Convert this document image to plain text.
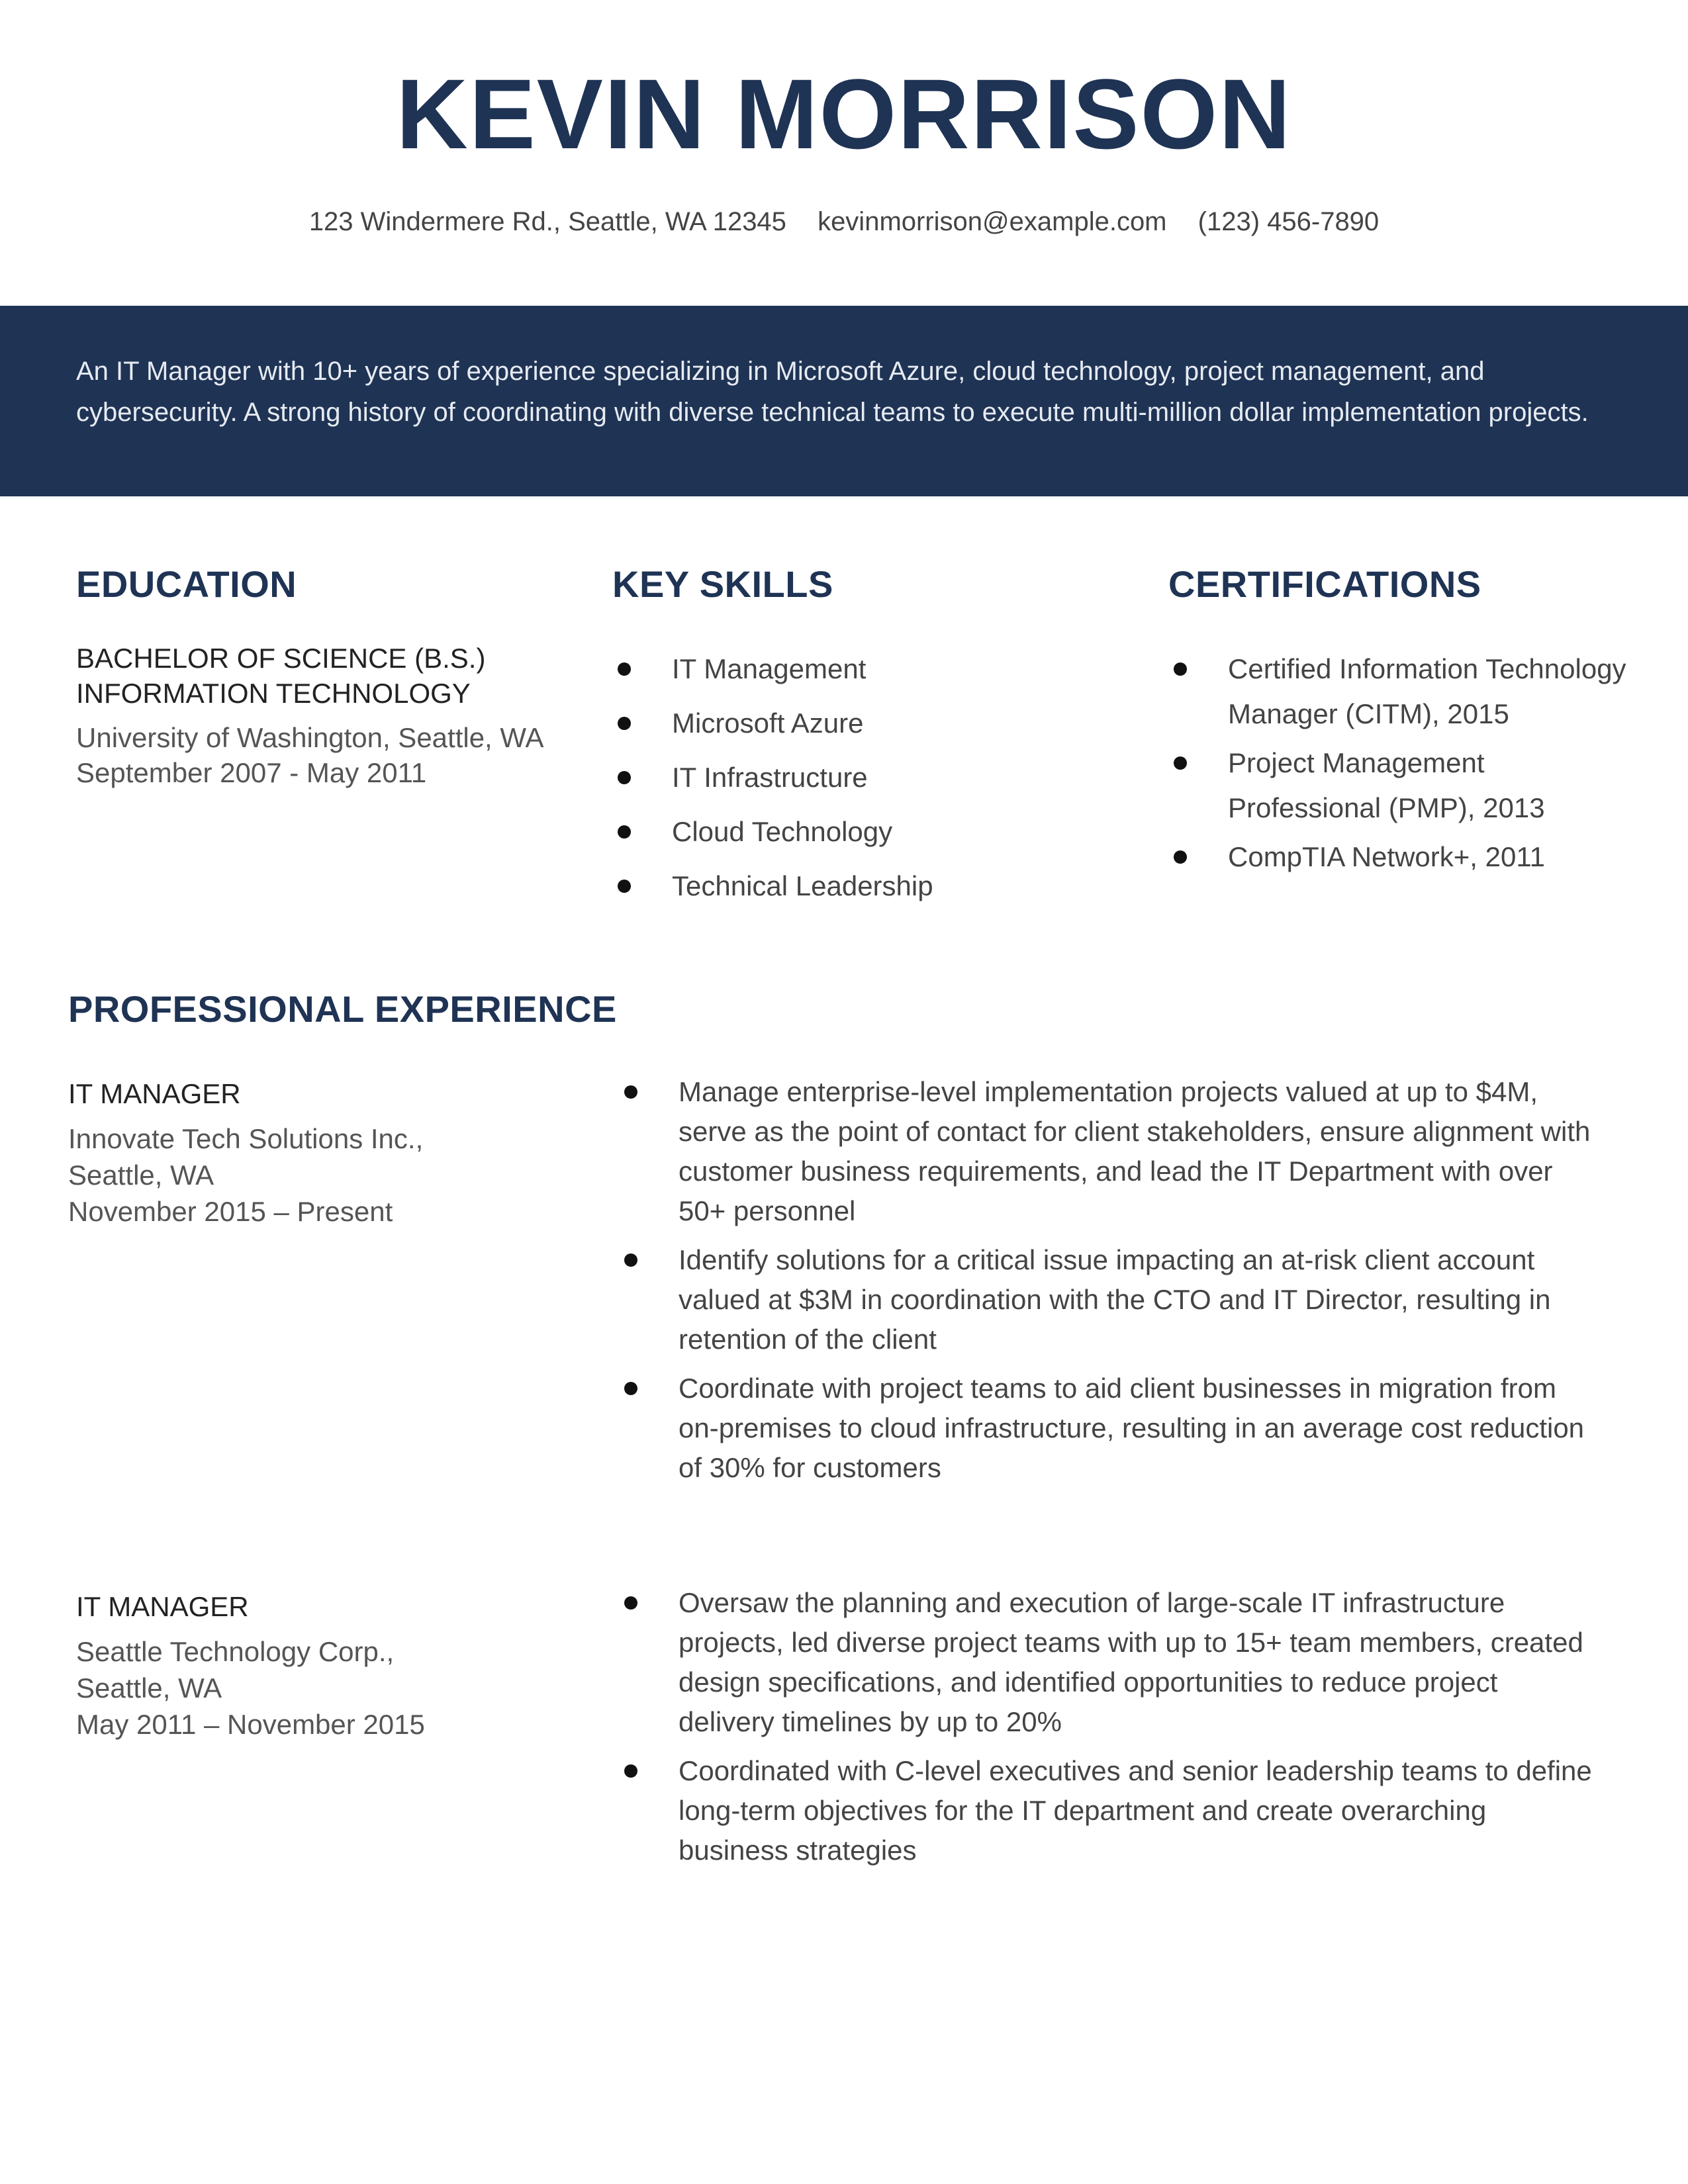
KEVIN MORRISON
123 Windermere Rd., Seattle, WA 12345 kevinmorrison@example.com (123) 456-7890
An IT Manager with 10+ years of experience specializing in Microsoft Azure, cloud technology, project management, and cybersecurity. A strong history of coordinating with diverse technical teams to execute multi-million dollar implementation projects.
EDUCATION
BACHELOR OF SCIENCE (B.S.)
INFORMATION TECHNOLOGY
University of Washington, Seattle, WA
September 2007 - May 2011
KEY SKILLS
IT Management
Microsoft Azure
IT Infrastructure
Cloud Technology
Technical Leadership
CERTIFICATIONS
Certified Information Technology Manager (CITM), 2015
Project Management Professional (PMP), 2013
CompTIA Network+, 2011
PROFESSIONAL EXPERIENCE
IT MANAGER
Innovate Tech Solutions Inc.,
Seattle, WA
November 2015 – Present
Manage enterprise-level implementation projects valued at up to $4M, serve as the point of contact for client stakeholders, ensure alignment with customer business requirements, and lead the IT Department with over 50+ personnel
Identify solutions for a critical issue impacting an at-risk client account valued at $3M in coordination with the CTO and IT Director, resulting in retention of the client
Coordinate with project teams to aid client businesses in migration from on-premises to cloud infrastructure, resulting in an average cost reduction of 30% for customers
IT MANAGER
Seattle Technology Corp.,
Seattle, WA
May 2011 – November 2015
Oversaw the planning and execution of large-scale IT infrastructure projects, led diverse project teams with up to 15+ team members, created design specifications, and identified opportunities to reduce project delivery timelines by up to 20%
Coordinated with C-level executives and senior leadership teams to define long-term objectives for the IT department and create overarching business strategies
